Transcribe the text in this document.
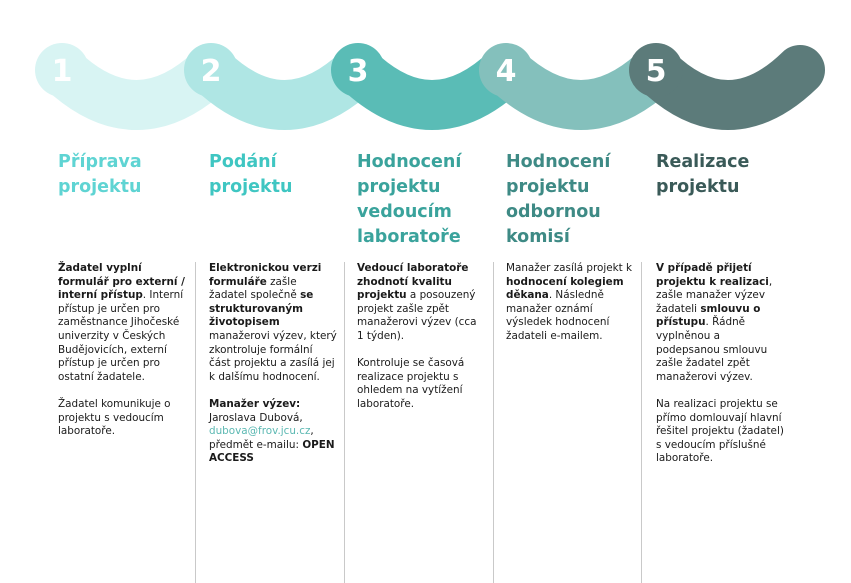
1	2	3	4	5
Příprava
projektu

Žadatel vyplní formulář pro externí / interní přístup. Interní přístup je určen pro zaměstnance Jihočeské univerzity v Českých Budějovicích, externí přístup je určen pro ostatní žadatele.

Žadatel komunikuje o projektu s vedoucím laboratoře.

Podání
projektu

Elektronickou verzi formuláře zašle žadatel společně se strukturovaným životopisem manažerovi výzev, který zkontroluje formální část projektu a zasílá jej k dalšímu hodnocení.

Manažer výzev: Jaroslava Dubová, dubova@frov.jcu.cz, předmět e-mailu: OPEN ACCESS

Hodnocení
projektu
vedoucím
laboratoře

Vedoucí laboratoře zhodnotí kvalitu projektu a posouzený projekt zašle zpět manažerovi výzev (cca 1 týden).

Kontroluje se časová realizace projektu s ohledem na vytížení laboratoře.

Hodnocení
projektu
odbornou
komisí

Manažer zasílá projekt k hodnocení kolegiem děkana. Následně manažer oznámí výsledek hodnocení žadateli e-mailem.

Realizace
projektu

V případě přijetí projektu k realizaci, zašle manažer výzev žadateli smlouvu o přístupu. Řádně vyplněnou a podepsanou smlouvu zašle žadatel zpět manažerovi výzev.

Na realizaci projektu se přímo domlouvají hlavní řešitel projektu (žadatel) s vedoucím příslušné laboratoře.
